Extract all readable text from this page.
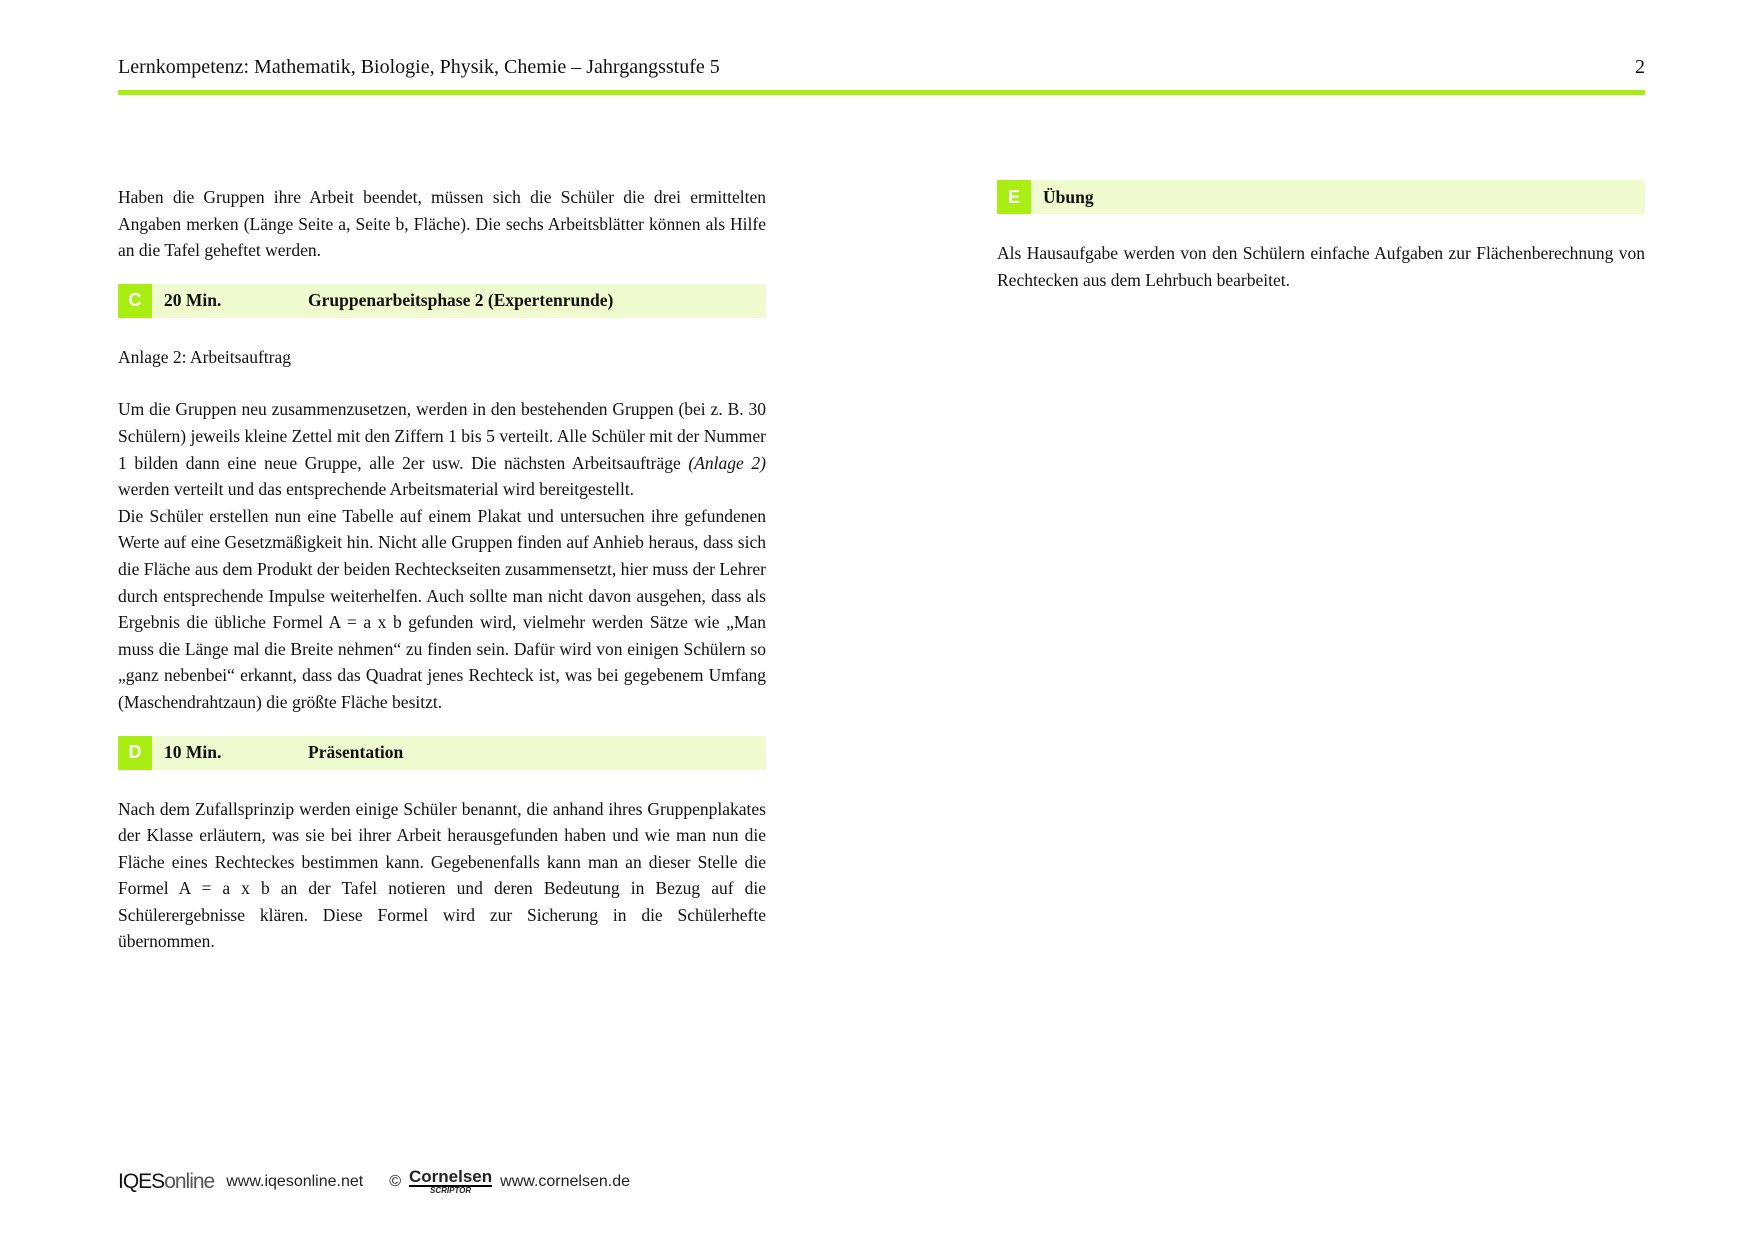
Lernkompetenz: Mathematik, Biologie, Physik, Chemie – Jahrgangsstufe 5	2

Haben die Gruppen ihre Arbeit beendet, müssen sich die Schüler die drei ermittelten Angaben merken (Länge Seite a, Seite b, Fläche). Die sechs Arbeitsblätter können als Hilfe an die Tafel geheftet werden.

C	20 Min.	Gruppenarbeitsphase 2 (Expertenrunde)

Anlage 2: Arbeitsauftrag

Um die Gruppen neu zusammenzusetzen, werden in den bestehenden Gruppen (bei z. B. 30 Schülern) jeweils kleine Zettel mit den Ziffern 1 bis 5 verteilt. Alle Schüler mit der Nummer 1 bilden dann eine neue Gruppe, alle 2er usw. Die nächsten Arbeitsaufträge (Anlage 2) werden verteilt und das entsprechende Arbeitsmaterial wird bereitgestellt.

Die Schüler erstellen nun eine Tabelle auf einem Plakat und untersuchen ihre gefundenen Werte auf eine Gesetzmäßigkeit hin. Nicht alle Gruppen finden auf Anhieb heraus, dass sich die Fläche aus dem Produkt der beiden Rechteckseiten zusammensetzt, hier muss der Lehrer durch entsprechende Impulse weiterhelfen. Auch sollte man nicht davon ausgehen, dass als Ergebnis die übliche Formel A = a x b gefunden wird, vielmehr werden Sätze wie „Man muss die Länge mal die Breite nehmen“ zu finden sein. Dafür wird von einigen Schülern so „ganz nebenbei“ erkannt, dass das Quadrat jenes Rechteck ist, was bei gegebenem Umfang (Maschendrahtzaun) die größte Fläche besitzt.

D	10 Min.	Präsentation

Nach dem Zufallsprinzip werden einige Schüler benannt, die anhand ihres Gruppenplakates der Klasse erläutern, was sie bei ihrer Arbeit herausgefunden haben und wie man nun die Fläche eines Rechteckes bestimmen kann. Gegebenenfalls kann man an dieser Stelle die Formel A = a x b an der Tafel notieren und deren Bedeutung in Bezug auf die Schülerergebnisse klären. Diese Formel wird zur Sicherung in die Schülerhefte übernommen.

E	Übung

Als Hausaufgabe werden von den Schülern einfache Aufgaben zur Flächenberechnung von Rechtecken aus dem Lehrbuch bearbeitet.

IQESonline www.iqesonline.net © Cornelsen
SCRIPTOR
www.cornelsen.de
